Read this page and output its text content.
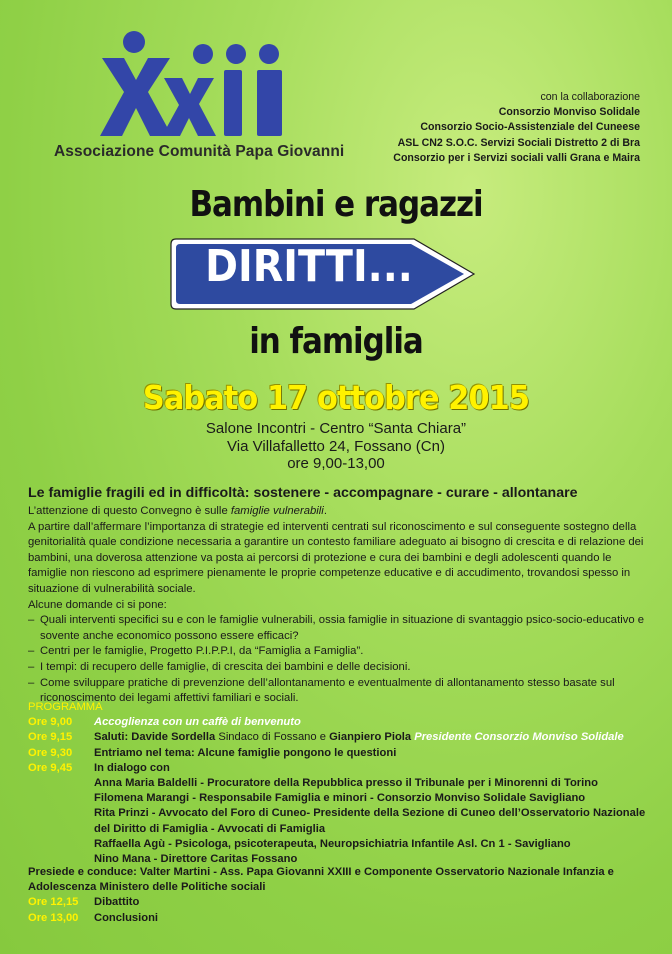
Associazione Comunità Papa Giovanni
con la collaborazione
Consorzio Monviso Solidale
Consorzio Socio-Assistenziale del Cuneese
ASL CN2 S.O.C. Servizi Sociali Distretto 2 di Bra
Consorzio per i Servizi sociali valli Grana e Maira
Bambini e ragazzi
DIRITTI...
in famiglia
Sabato 17 ottobre 2015
Salone Incontri - Centro “Santa Chiara”
Via Villafalletto 24, Fossano (Cn)
ore 9,00-13,00
Le famiglie fragili ed in difficoltà: sostenere - accompagnare - curare - allontanare

L’attenzione di questo Convegno è sulle famiglie vulnerabili.

A partire dall’affermare l’importanza di strategie ed interventi centrati sul riconoscimento e sul conseguente sostegno della genitorialità quale condizione necessaria a garantire un contesto familiare adeguato ai bisogno di crescita e di relazione dei bambini, una doverosa attenzione va posta ai percorsi di protezione e cura dei bambini e degli adolescenti quando le famiglie non riescono ad esprimere pienamente le proprie competenze educative e di accudimento, trovandosi spesso in situazione di vulnerabilità sociale.

Alcune domande ci si pone:

– Quali interventi specifici su e con le famiglie vulnerabili, ossia famiglie in situazione di svantaggio psico-socio-educativo e sovente anche economico possono essere efficaci?
– Centri per le famiglie, Progetto P.I.P.P.I, da “Famiglia a Famiglia”.
– I tempi: di recupero delle famiglie, di crescita dei bambini e delle decisioni.
– Come sviluppare pratiche di prevenzione dell’allontanamento e eventualmente di allontanamento stesso basate sul riconoscimento dei legami affettivi familiari e sociali.
PROGRAMMA
Ore 9,00	Accoglienza con un caffè di benvenuto
Ore 9,15	Saluti: Davide Sordella Sindaco di Fossano e Gianpiero Piola Presidente Consorzio Monviso Solidale
Ore 9,30	Entriamo nel tema: Alcune famiglie pongono le questioni
Ore 9,45	In dialogo con
Anna Maria Baldelli - Procuratore della Repubblica presso il Tribunale per i Minorenni di Torino
Filomena Marangi - Responsabile Famiglia e minori - Consorzio Monviso Solidale Savigliano
Rita Prinzi - Avvocato del Foro di Cuneo- Presidente della Sezione di Cuneo dell’Osservatorio Nazionale del Diritto di Famiglia - Avvocati di Famiglia
Raffaella Agù - Psicologa, psicoterapeuta, Neuropsichiatria Infantile Asl. Cn 1 - Savigliano
Nino Mana - Direttore Caritas Fossano
Presiede e conduce: Valter Martini - Ass. Papa Giovanni XXIII e Componente Osservatorio Nazionale Infanzia e Adolescenza Ministero delle Politiche sociali
Ore 12,15	Dibattito
Ore 13,00	Conclusioni
